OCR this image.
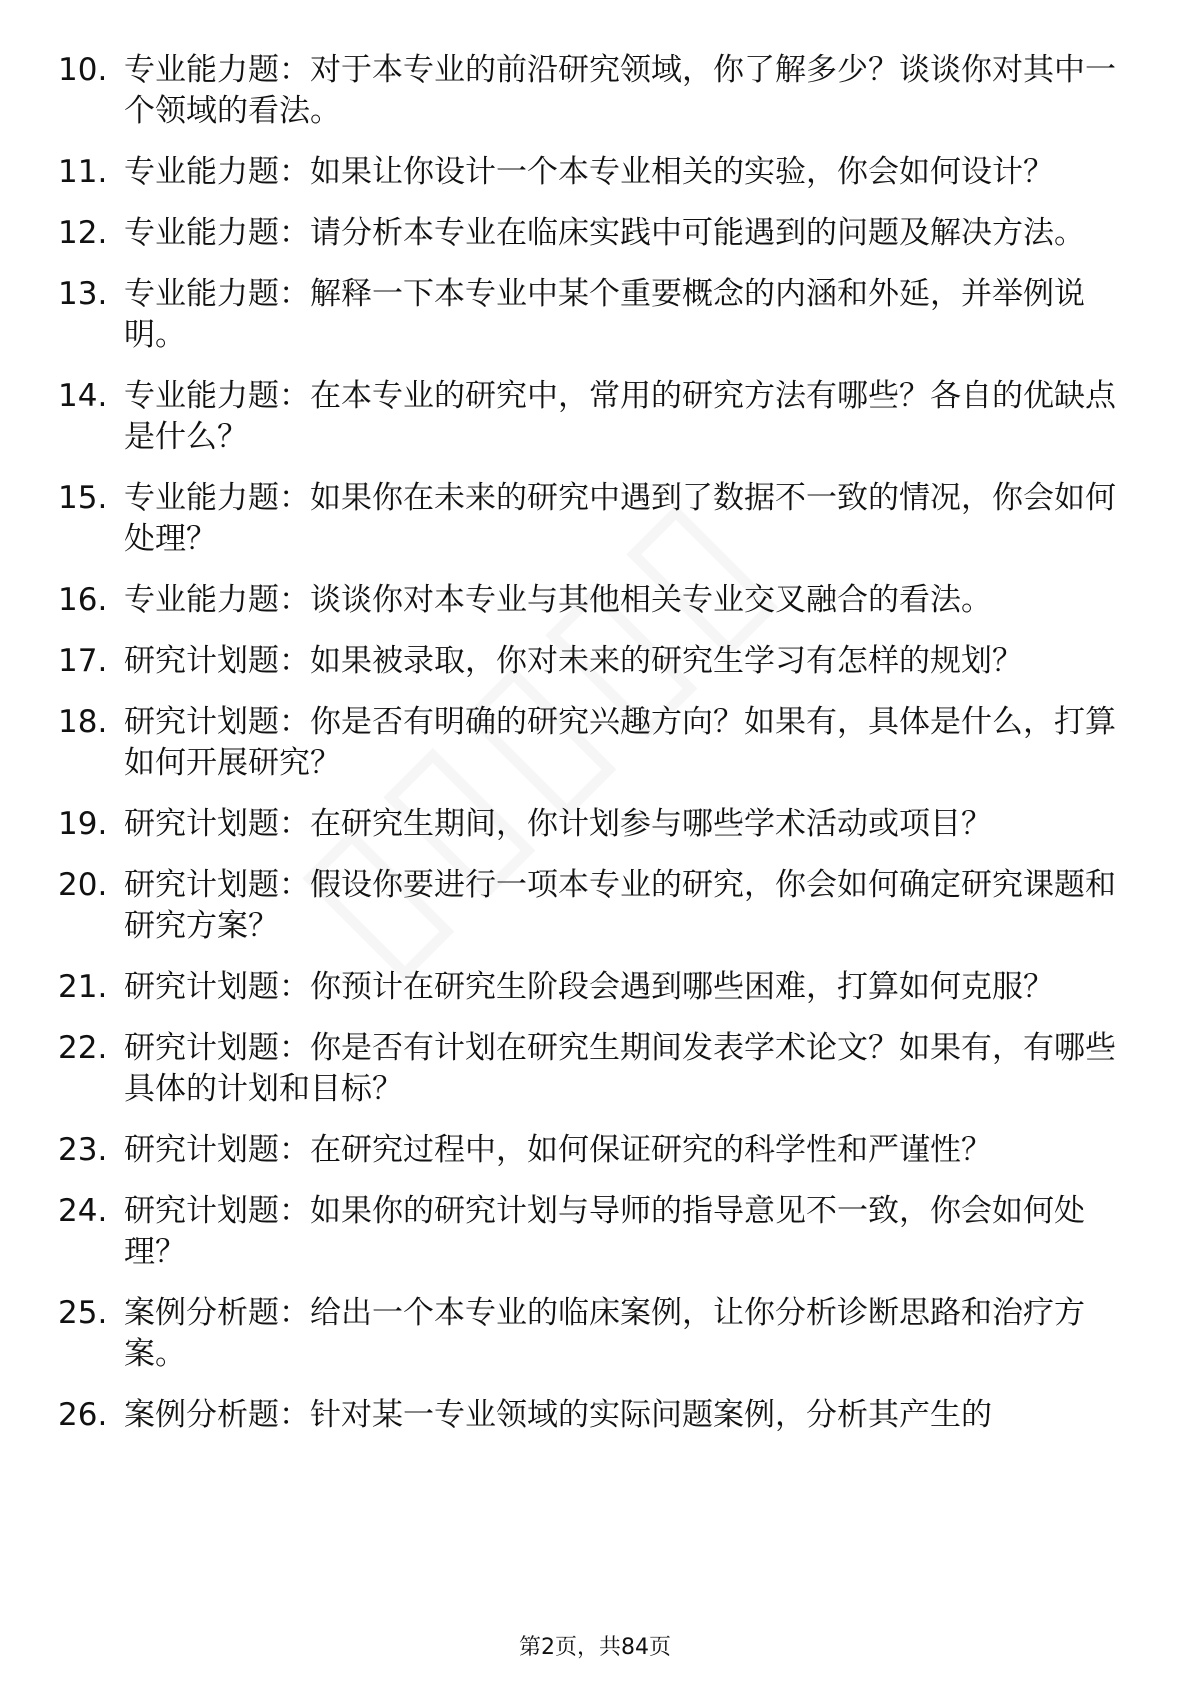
10. 专业能力题：对于本专业的前沿研究领域，你了解多少？谈谈你对其中一个领域的看法。
11. 专业能力题：如果让你设计一个本专业相关的实验，你会如何设计？
12. 专业能力题：请分析本专业在临床实践中可能遇到的问题及解决方法。
13. 专业能力题：解释一下本专业中某个重要概念的内涵和外延，并举例说明。
14. 专业能力题：在本专业的研究中，常用的研究方法有哪些？各自的优缺点是什么？
15. 专业能力题：如果你在未来的研究中遇到了数据不一致的情况，你会如何处理？
16. 专业能力题：谈谈你对本专业与其他相关专业交叉融合的看法。
17. 研究计划题：如果被录取，你对未来的研究生学习有怎样的规划？
18. 研究计划题：你是否有明确的研究兴趣方向？如果有，具体是什么，打算如何开展研究？
19. 研究计划题：在研究生期间，你计划参与哪些学术活动或项目？
20. 研究计划题：假设你要进行一项本专业的研究，你会如何确定研究课题和研究方案？
21. 研究计划题：你预计在研究生阶段会遇到哪些困难，打算如何克服？
22. 研究计划题：你是否有计划在研究生期间发表学术论文？如果有，有哪些具体的计划和目标？
23. 研究计划题：在研究过程中，如何保证研究的科学性和严谨性？
24. 研究计划题：如果你的研究计划与导师的指导意见不一致，你会如何处理？
25. 案例分析题：给出一个本专业的临床案例，让你分析诊断思路和治疗方案。
26. 案例分析题：针对某一专业领域的实际问题案例，分析其产生的
第2页，共84页
